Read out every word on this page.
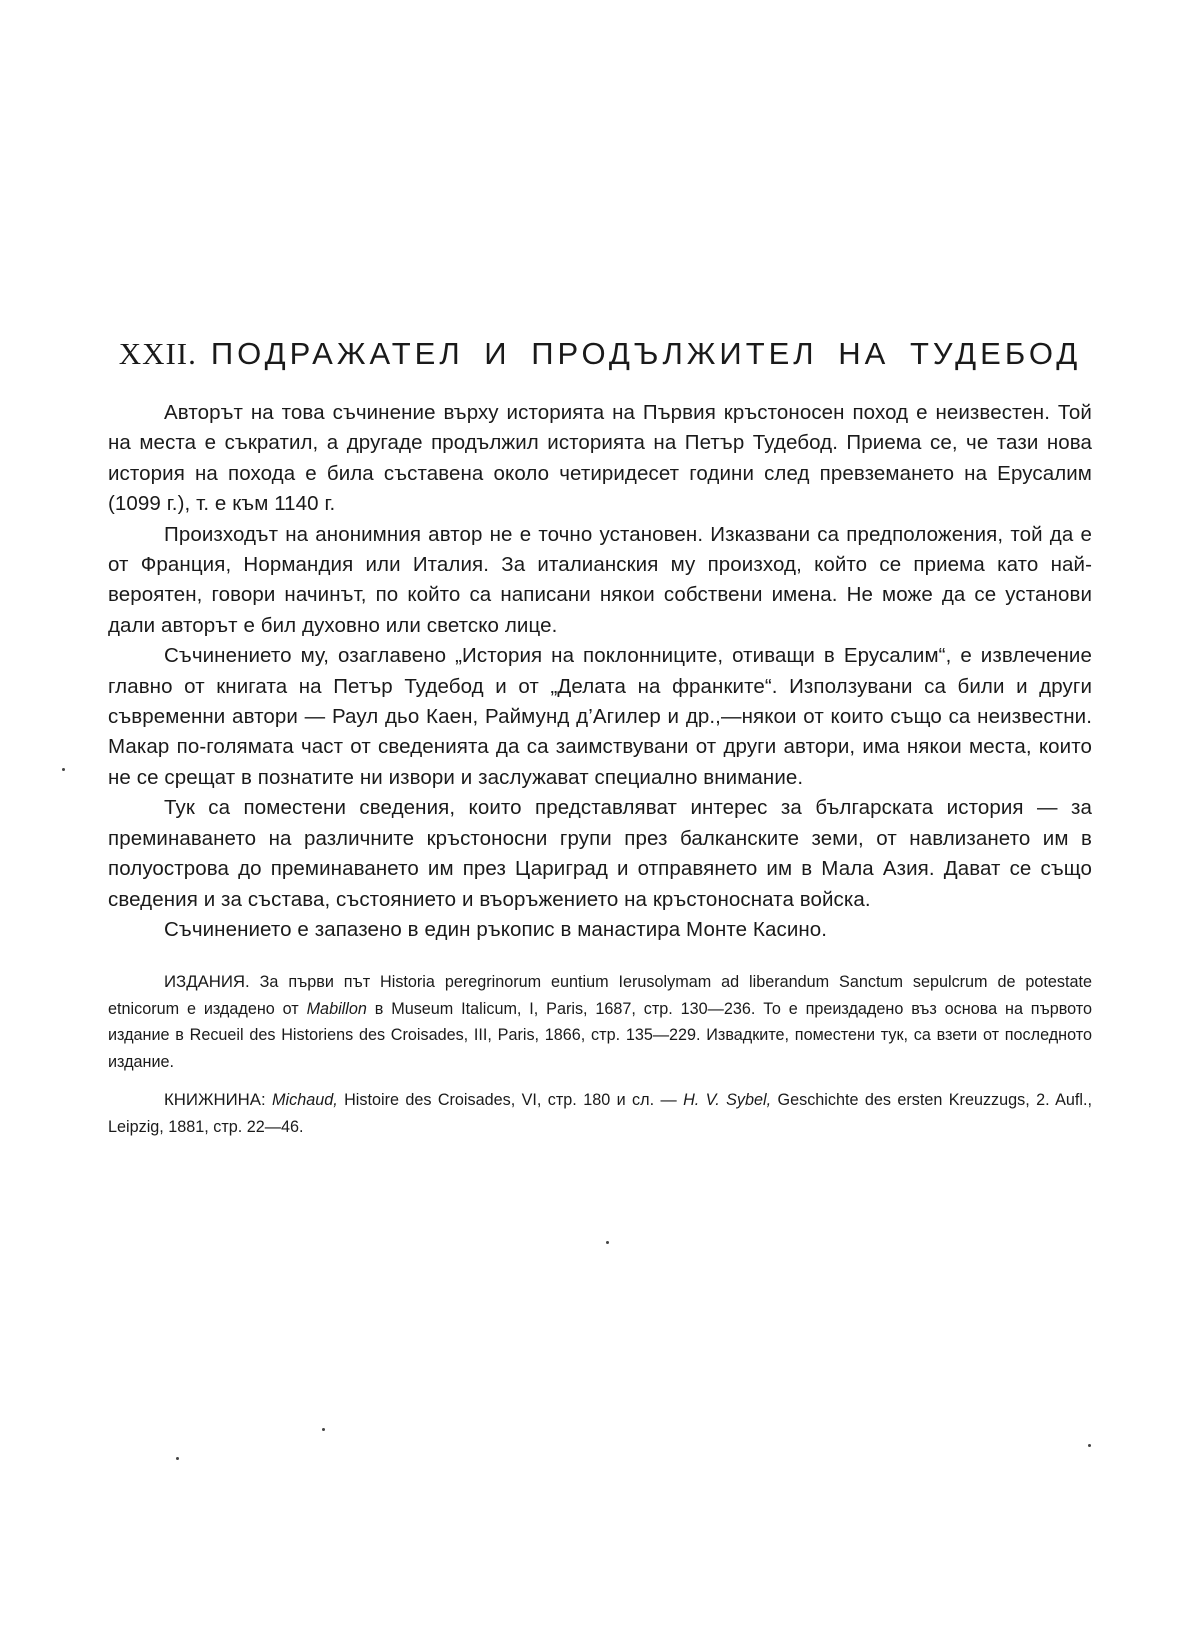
XXII. ПОДРАЖАТЕЛ И ПРОДЪЛЖИТЕЛ НА ТУДЕБОД

Авторът на това съчинение върху историята на Първия кръстоносен поход е неизвестен. Той на места е съкратил, а другаде продължил историята на Петър Тудебод. Приема се, че тази нова история на похода е била съставена около четиридесет години след превземането на Ерусалим (1099 г.), т. е към 1140 г.

Произходът на анонимния автор не е точно установен. Изказвани са предположения, той да е от Франция, Нормандия или Италия. За италианския му произход, който се приема като най-вероятен, говори начинът, по който са написани някои собствени имена. Не може да се установи дали авторът е бил духовно или светско лице.

Съчинението му, озаглавено „История на поклонниците, отиващи в Ерусалим“, е извлечение главно от книгата на Петър Тудебод и от „Делата на франките“. Използувани са били и други съвременни автори — Раул дьо Каен, Раймунд д’Агилер и др.,—някои от които също са неизвестни. Макар по-голямата част от сведенията да са заимствувани от други автори, има някои места, които не се срещат в познатите ни извори и заслужават специално внимание.

Тук са поместени сведения, които представляват интерес за българската история — за преминаването на различните кръстоносни групи през балканските земи, от навлизането им в полуострова до преминаването им през Цариград и отправянето им в Мала Азия. Дават се също сведения и за състава, състоянието и въоръжението на кръстоносната войска.

Съчинението е запазено в един ръкопис в манастира Монте Касино.

ИЗДАНИЯ. За първи път Historia peregrinorum euntium Ierusolymam ad liberandum Sanctum sepulcrum de potestate etnicorum е издадено от Mabillon в Museum Italicum, I, Paris, 1687, стр. 130—236. То е преиздадено въз основа на първото издание в Recueil des Historiens des Croisades, III, Paris, 1866, стр. 135—229. Извадките, поместени тук, са взети от последното издание.

КНИЖНИНА: Michaud, Histoire des Croisades, VI, стр. 180 и сл. — H. V. Sybel, Geschichte des ersten Kreuzzugs, 2. Aufl., Leipzig, 1881, стр. 22—46.
